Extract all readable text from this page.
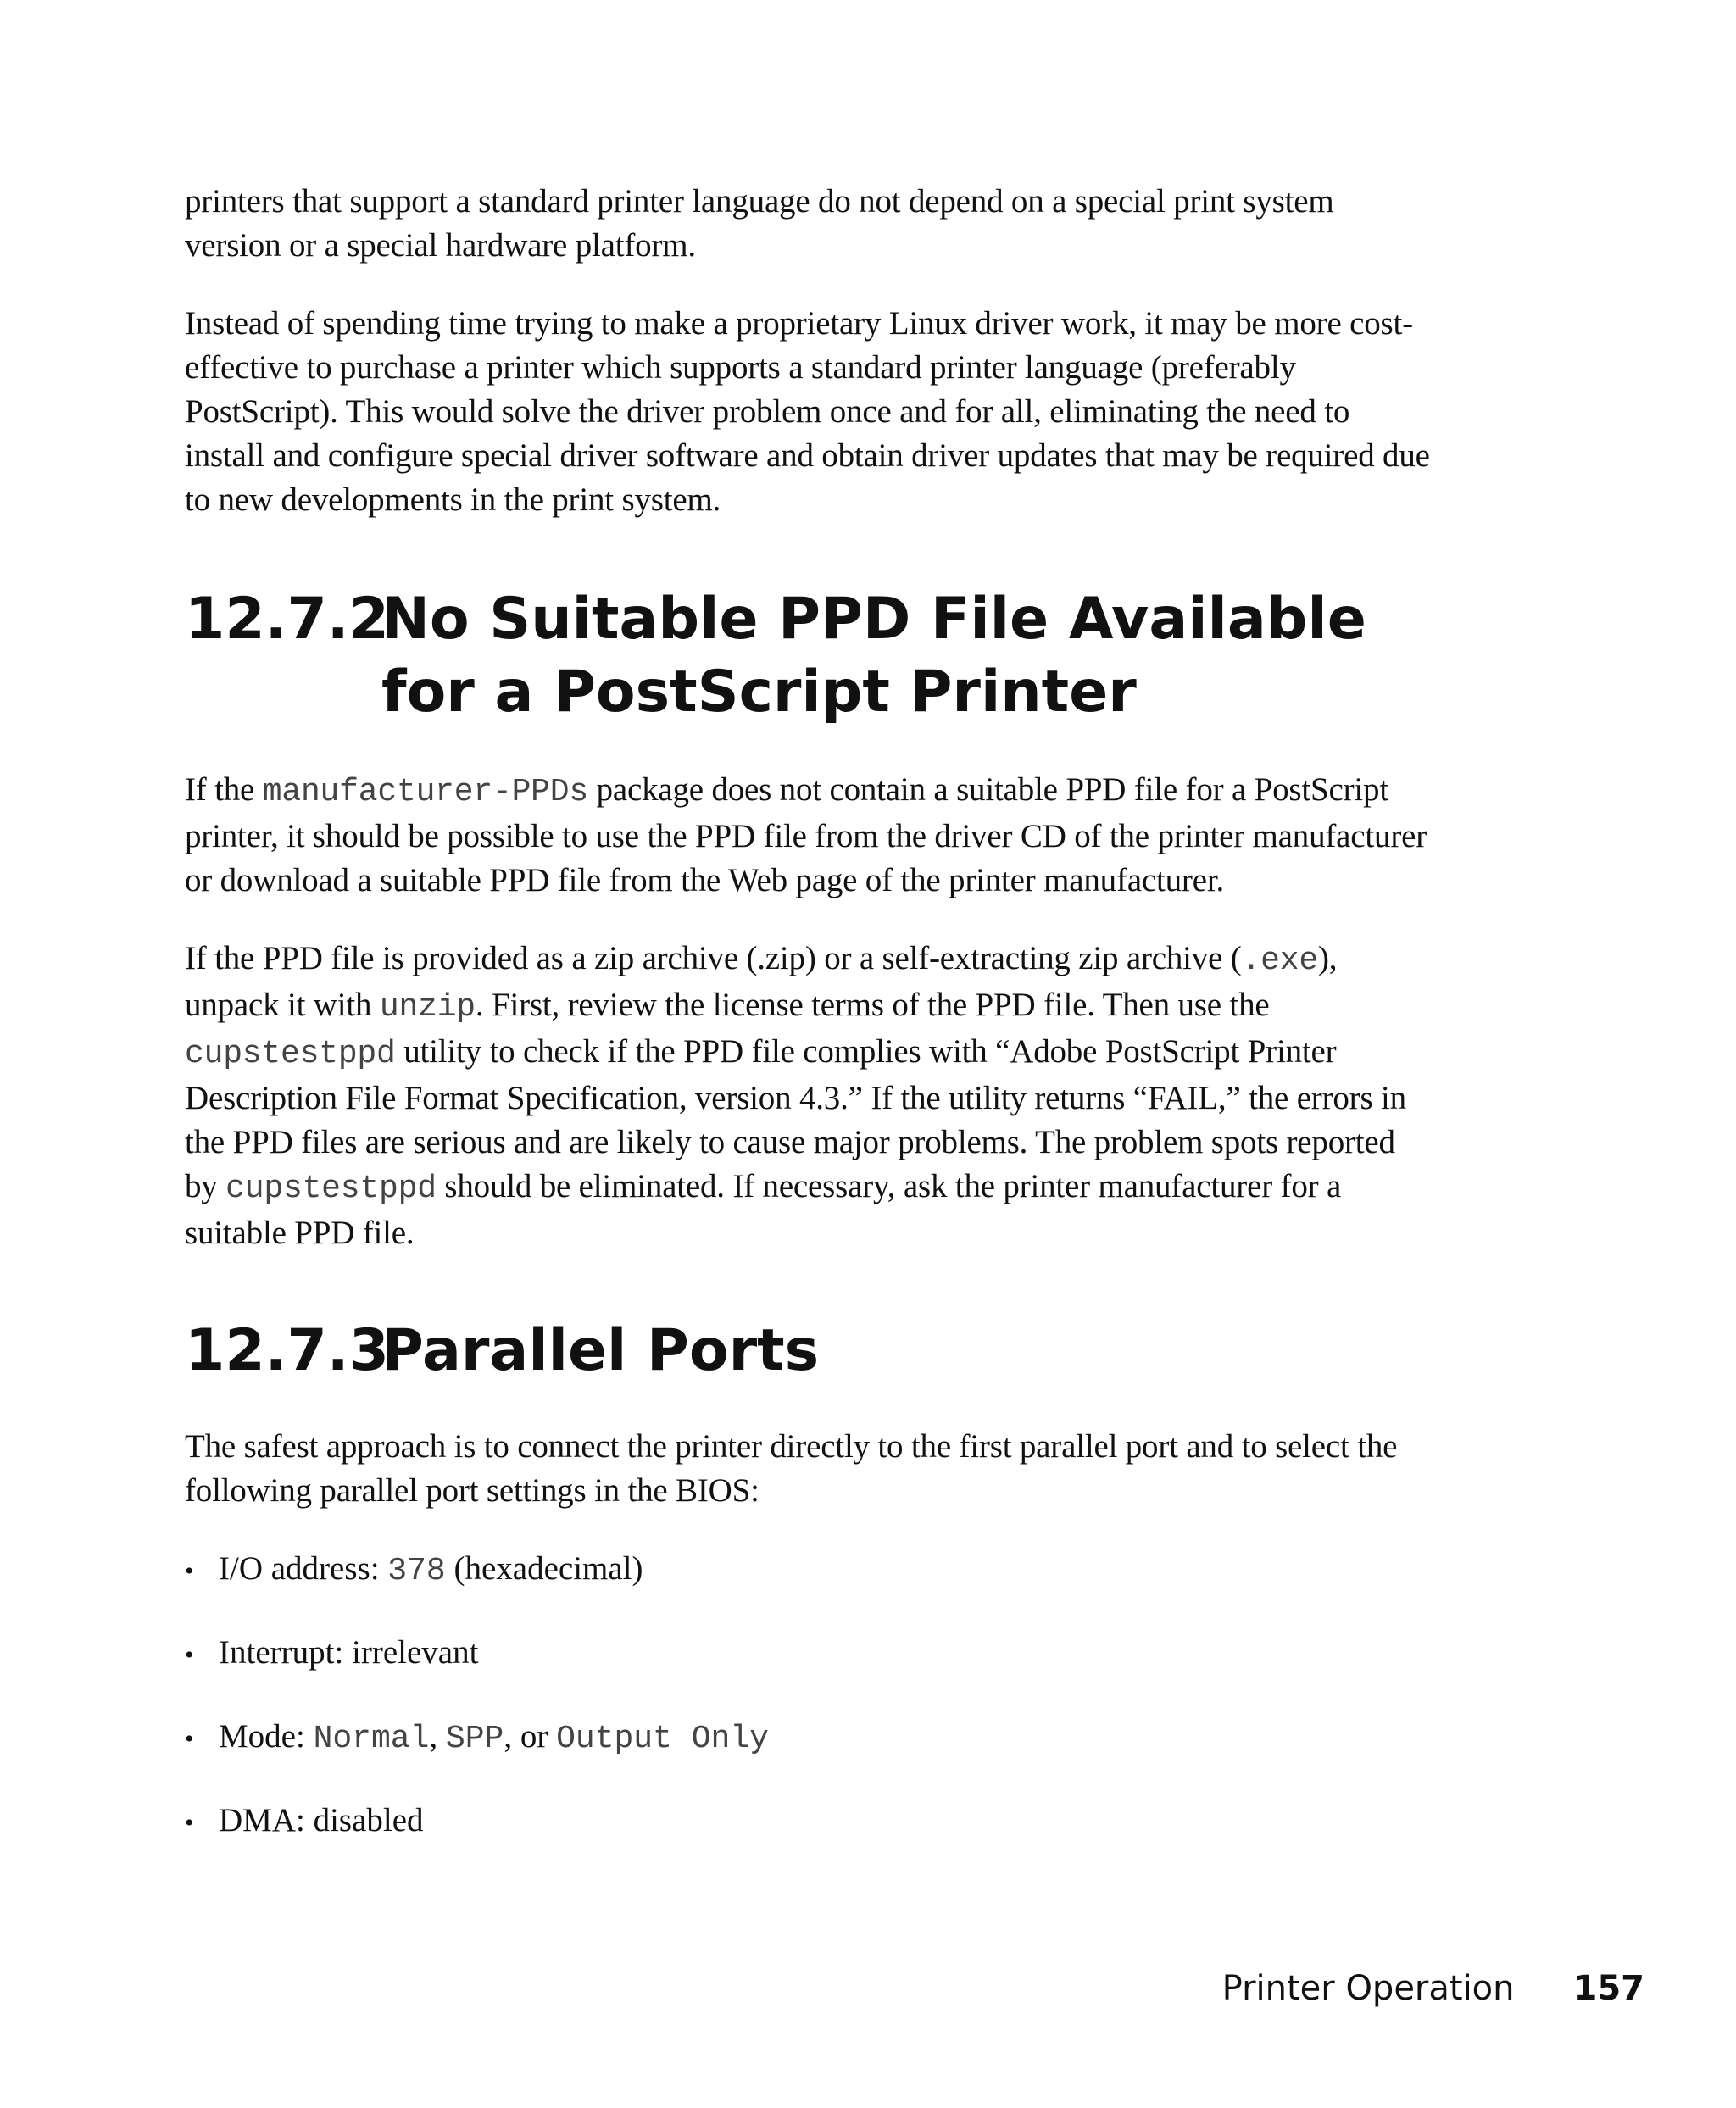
printers that support a standard printer language do not depend on a special print system version or a special hardware platform.

Instead of spending time trying to make a proprietary Linux driver work, it may be more cost-effective to purchase a printer which supports a standard printer language (preferably PostScript). This would solve the driver problem once and for all, eliminating the need to install and configure special driver software and obtain driver updates that may be required due to new developments in the print system.

12.7.2
No Suitable PPD File Available for a PostScript Printer

If the manufacturer-PPDs package does not contain a suitable PPD file for a PostScript printer, it should be possible to use the PPD file from the driver CD of the printer manufacturer or download a suitable PPD file from the Web page of the printer manufacturer.

If the PPD file is provided as a zip archive (.zip) or a self-extracting zip archive (.exe), unpack it with unzip. First, review the license terms of the PPD file. Then use the cupstestppd utility to check if the PPD file complies with “Adobe PostScript Printer Description File Format Specification, version 4.3.” If the utility returns “FAIL,” the errors in the PPD files are serious and are likely to cause major problems. The problem spots reported by cupstestppd should be eliminated. If necessary, ask the printer manufacturer for a suitable PPD file.

12.7.3
Parallel Ports

The safest approach is to connect the printer directly to the first parallel port and to select the following parallel port settings in the BIOS:

• I/O address: 378 (hexadecimal)
• Interrupt: irrelevant
• Mode: Normal, SPP, or Output Only
• DMA: disabled
Printer Operation 157
